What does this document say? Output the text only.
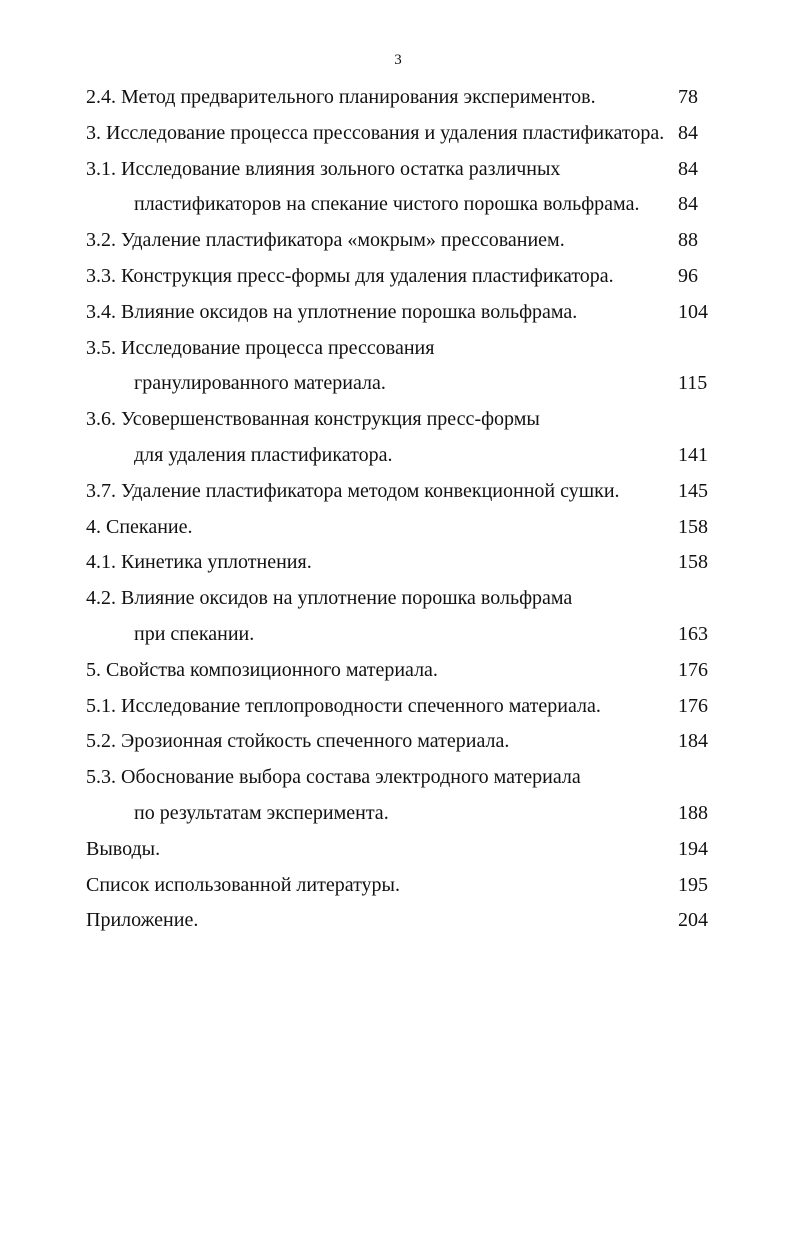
3
2.4. Метод предварительного планирования экспериментов.	78
3. Исследование процесса прессования и удаления пластификатора. 84
3.1. Исследование влияния зольного остатка различных	84
пластификаторов на спекание чистого порошка вольфрама. 84
3.2. Удаление пластификатора «мокрым» прессованием.	88
3.3. Конструкция пресс-формы для удаления пластификатора.	96
3.4. Влияние оксидов на уплотнение порошка вольфрама.	104
3.5. Исследование процесса прессования
гранулированного материала.	115
3.6. Усовершенствованная конструкция пресс-формы
для удаления пластификатора.	141
3.7. Удаление пластификатора методом конвекционной сушки.	145
4. Спекание.	158
4.1. Кинетика уплотнения.	158
4.2. Влияние оксидов на уплотнение порошка вольфрама
при спекании.	163
5. Свойства композиционного материала.	176
5.1. Исследование теплопроводности спеченного материала.	176
5.2. Эрозионная стойкость спеченного материала.	184
5.3. Обоснование выбора состава электродного материала
по результатам эксперимента.	188
Выводы.	194
Список использованной литературы.	195
Приложение.	204
